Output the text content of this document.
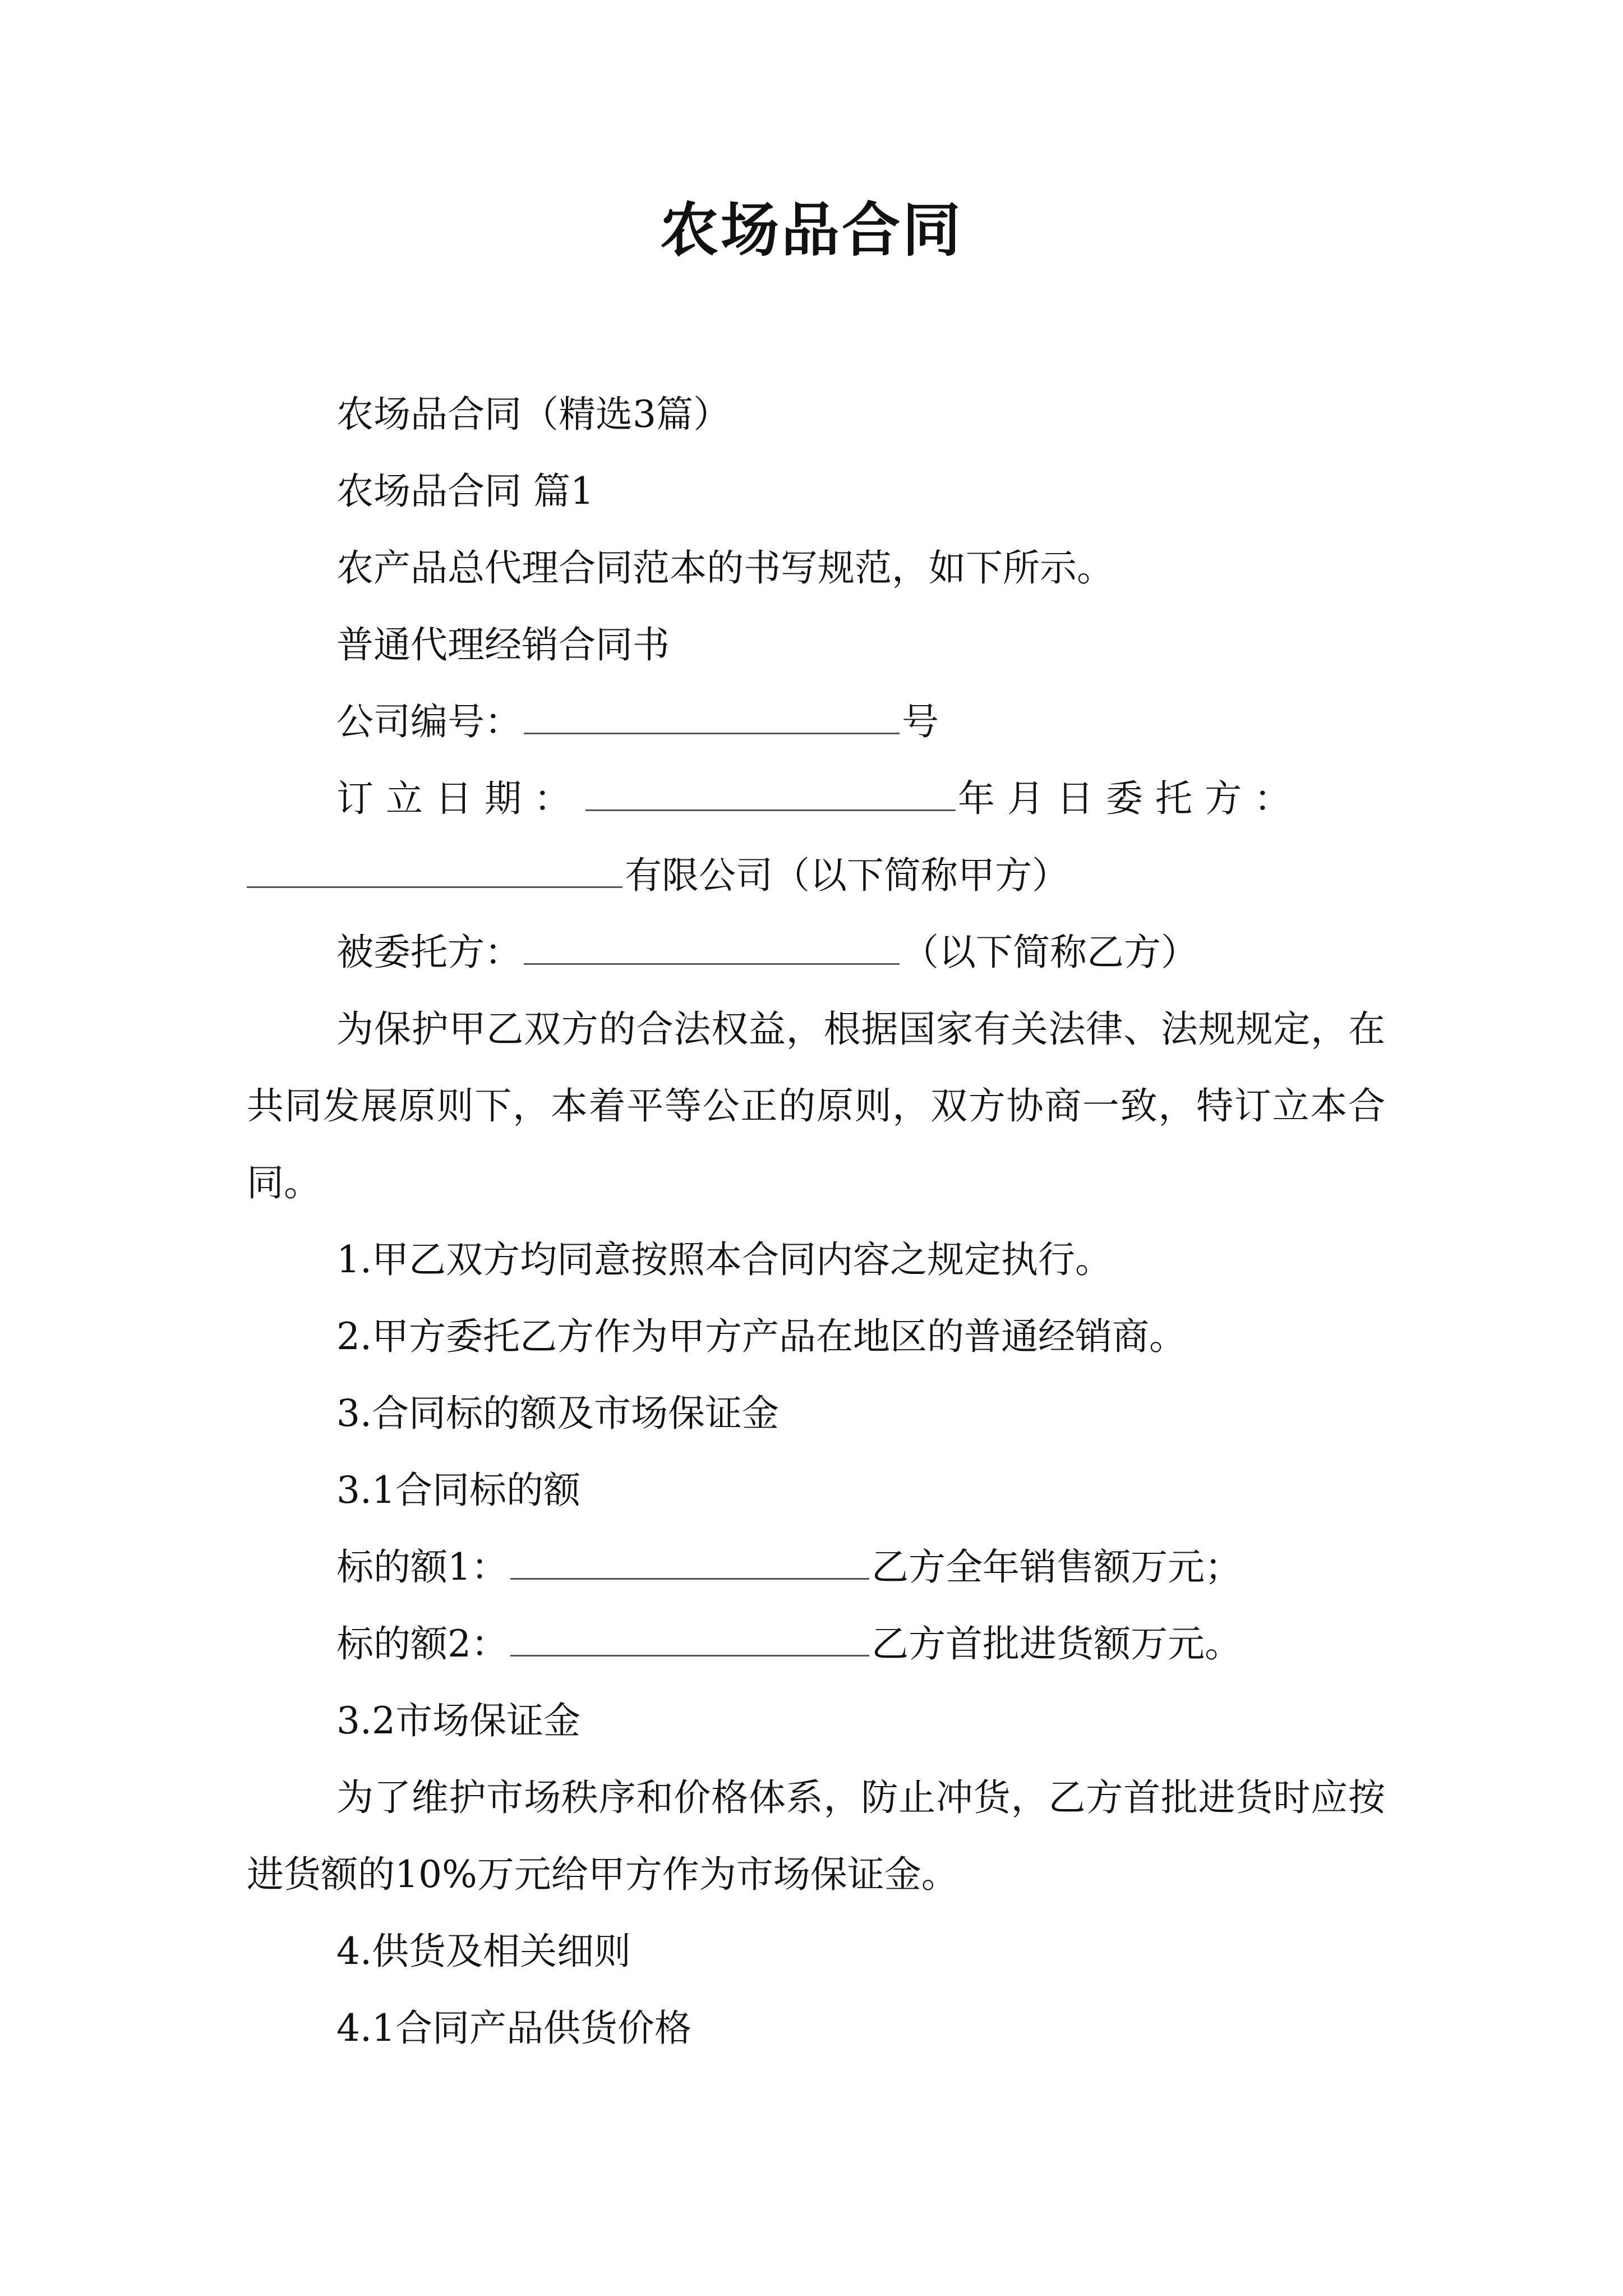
农场品合同

农场品合同（精选3篇）

农场品合同 篇1

农产品总代理合同范本的书写规范，如下所示。

普通代理经销合同书

公司编号：	号

订立日期：	年月日委托方：

有限公司（以下简称甲方）

被委托方：	（以下简称乙方）

为保护甲乙双方的合法权益，根据国家有关法律、法规规定，在共同发展原则下，本着平等公正的原则，双方协商一致，特订立本合同。

1.甲乙双方均同意按照本合同内容之规定执行。

2.甲方委托乙方作为甲方产品在地区的普通经销商。

3.合同标的额及市场保证金

3.1合同标的额

标的额1：	乙方全年销售额万元；

标的额2：	乙方首批进货额万元。

3.2市场保证金

为了维护市场秩序和价格体系，防止冲货，乙方首批进货时应按进货额的10%万元给甲方作为市场保证金。

4.供货及相关细则

4.1合同产品供货价格
